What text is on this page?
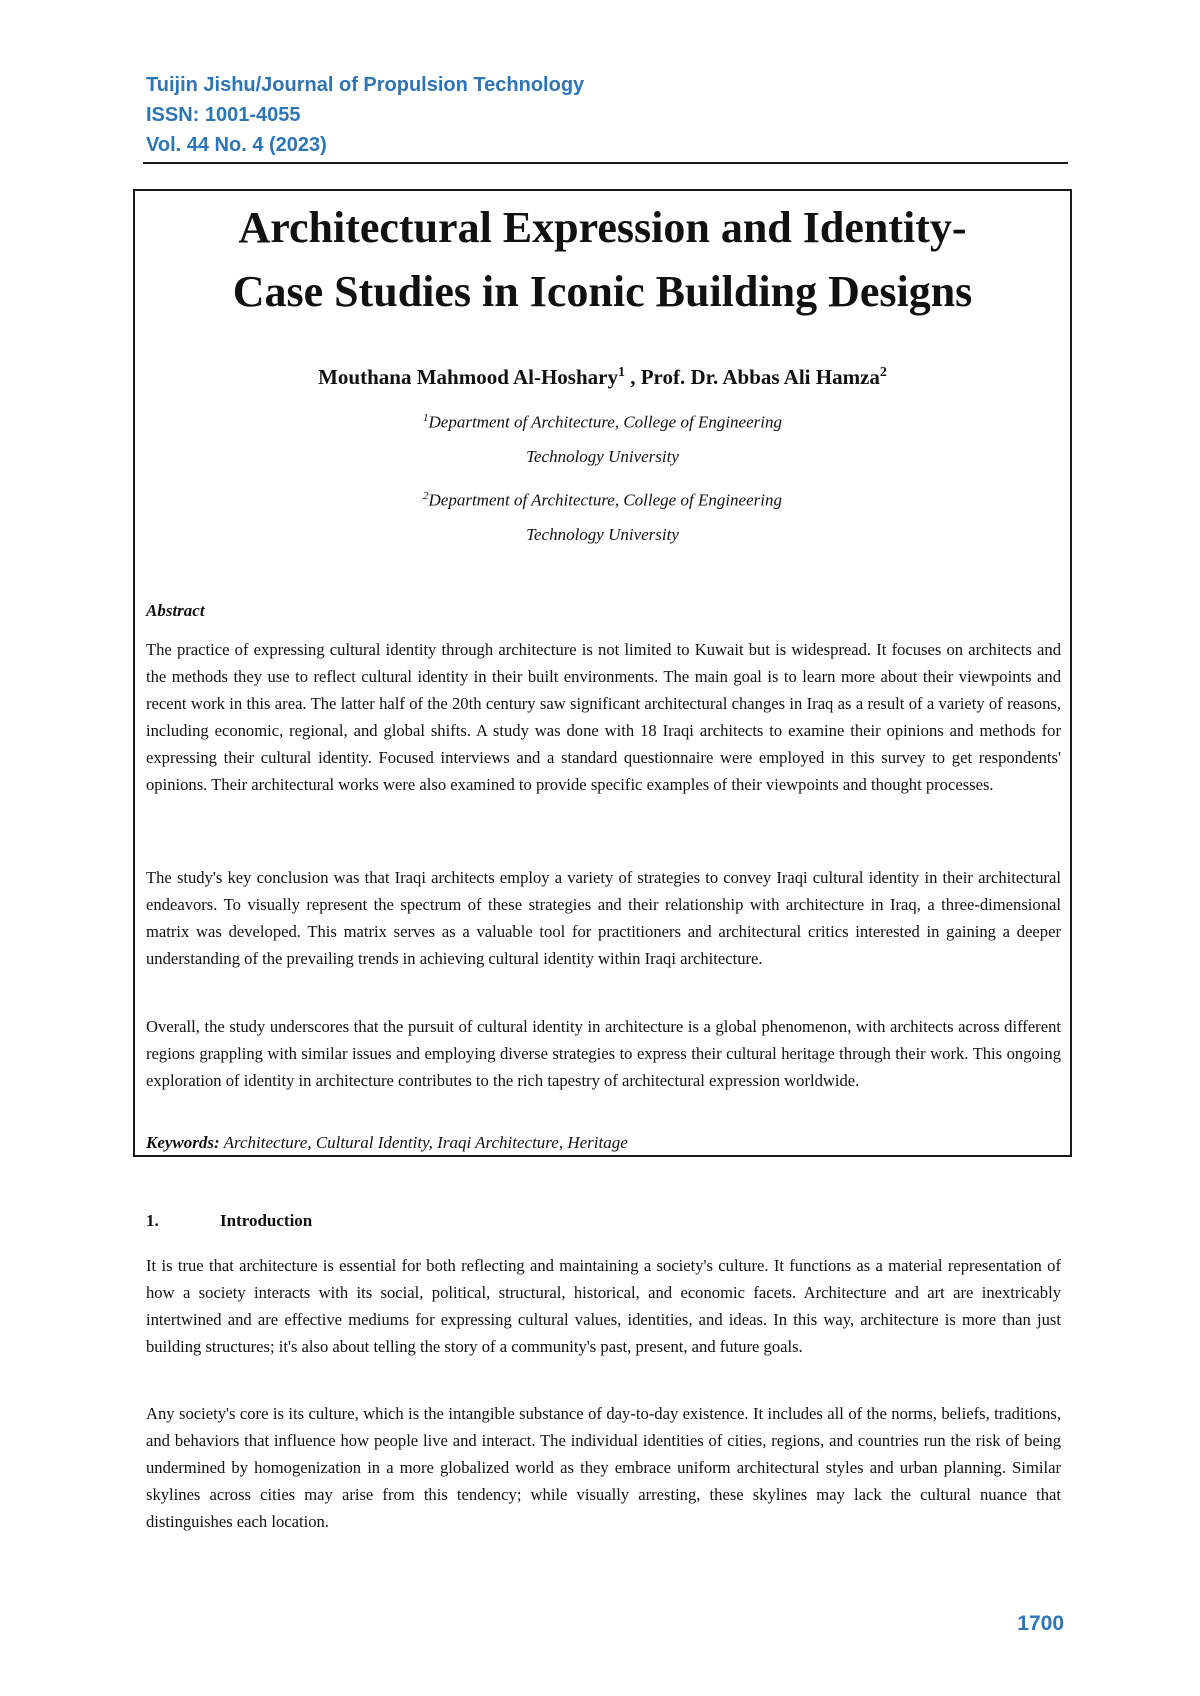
Tuijin Jishu/Journal of Propulsion Technology
ISSN: 1001-4055
Vol. 44 No. 4 (2023)
Architectural Expression and Identity-
Case Studies in Iconic Building Designs
Mouthana Mahmood Al-Hoshary$^1$ , Prof. Dr. Abbas Ali Hamza$^2$
$^1$Department of Architecture, College of Engineering
Technology University
$^2$Department of Architecture, College of Engineering
Technology University
Abstract

The practice of expressing cultural identity through architecture is not limited to Kuwait but is widespread. It focuses on architects and the methods they use to reflect cultural identity in their built environments. The main goal is to learn more about their viewpoints and recent work in this area. The latter half of the 20th century saw significant architectural changes in Iraq as a result of a variety of reasons, including economic, regional, and global shifts. A study was done with 18 Iraqi architects to examine their opinions and methods for expressing their cultural identity. Focused interviews and a standard questionnaire were employed in this survey to get respondents' opinions. Their architectural works were also examined to provide specific examples of their viewpoints and thought processes.

The study's key conclusion was that Iraqi architects employ a variety of strategies to convey Iraqi cultural identity in their architectural endeavors. To visually represent the spectrum of these strategies and their relationship with architecture in Iraq, a three-dimensional matrix was developed. This matrix serves as a valuable tool for practitioners and architectural critics interested in gaining a deeper understanding of the prevailing trends in achieving cultural identity within Iraqi architecture.

Overall, the study underscores that the pursuit of cultural identity in architecture is a global phenomenon, with architects across different regions grappling with similar issues and employing diverse strategies to express their cultural heritage through their work. This ongoing exploration of identity in architecture contributes to the rich tapestry of architectural expression worldwide.

Keywords: Architecture, Cultural Identity, Iraqi Architecture, Heritage
1.	Introduction

It is true that architecture is essential for both reflecting and maintaining a society's culture. It functions as a material representation of how a society interacts with its social, political, structural, historical, and economic facets. Architecture and art are inextricably intertwined and are effective mediums for expressing cultural values, identities, and ideas. In this way, architecture is more than just building structures; it's also about telling the story of a community's past, present, and future goals.

Any society's core is its culture, which is the intangible substance of day-to-day existence. It includes all of the norms, beliefs, traditions, and behaviors that influence how people live and interact. The individual identities of cities, regions, and countries run the risk of being undermined by homogenization in a more globalized world as they embrace uniform architectural styles and urban planning. Similar skylines across cities may arise from this tendency; while visually arresting, these skylines may lack the cultural nuance that distinguishes each location.

1700
